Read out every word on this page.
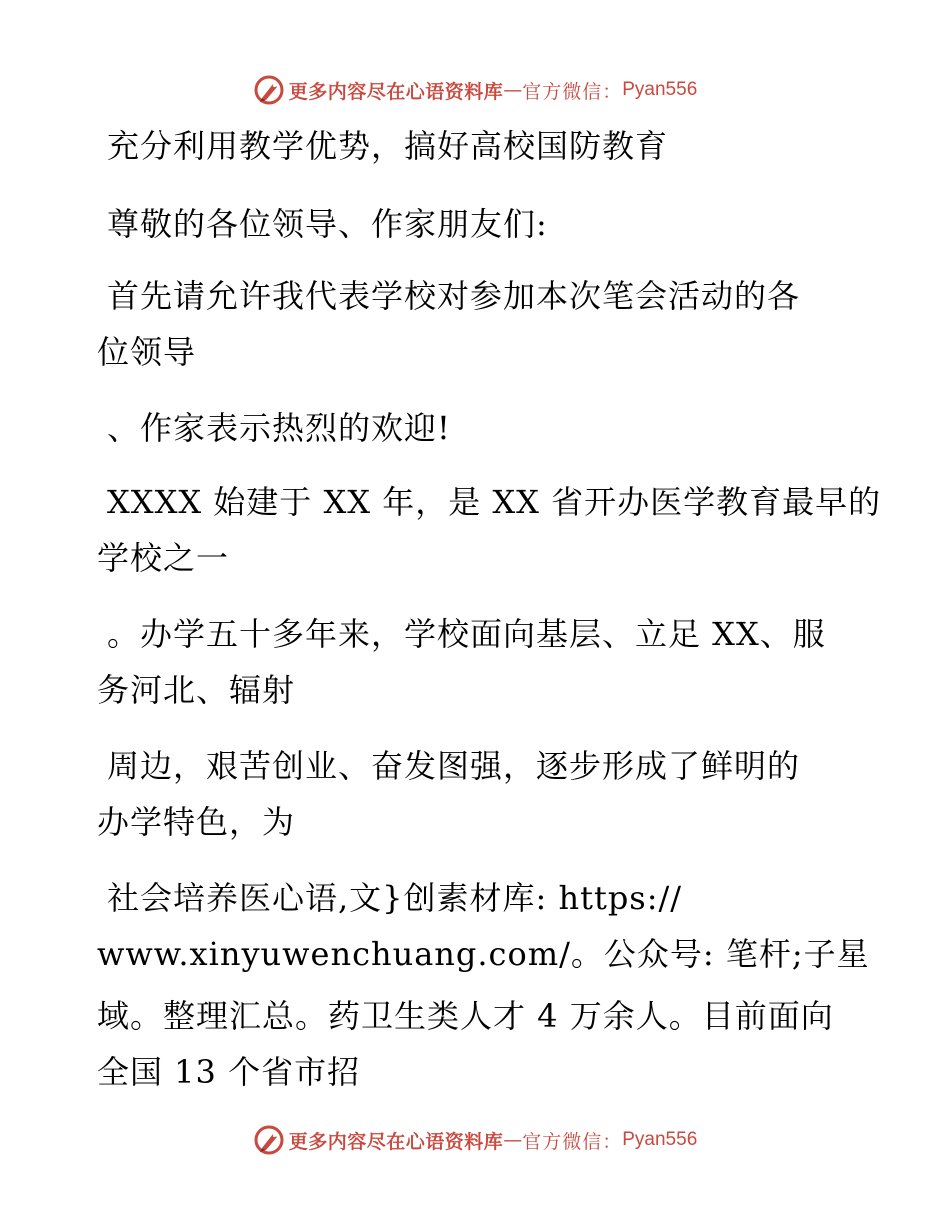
更多内容尽在心语资料库 — 官方微信： Pyan556
充分利用教学优势，搞好高校国防教育
尊敬的各位领导、作家朋友们:
首先请允许我代表学校对参加本次笔会活动的各
位领导
、作家表示热烈的欢迎!
XXXX 始建于 XX 年，是 XX 省开办医学教育最早的
学校之一
。办学五十多年来，学校面向基层、立足 XX、服
务河北、辐射
周边，艰苦创业、奋发图强，逐步形成了鲜明的
办学特色，为
社会培养医心语,文}创素材库: https://
www.xinyuwenchuang.com/。公众号: 笔杆;子星
域。整理汇总。药卫生类人才 4 万余人。目前面向
全国 13 个省市招
更多内容尽在心语资料库 — 官方微信： Pyan556
